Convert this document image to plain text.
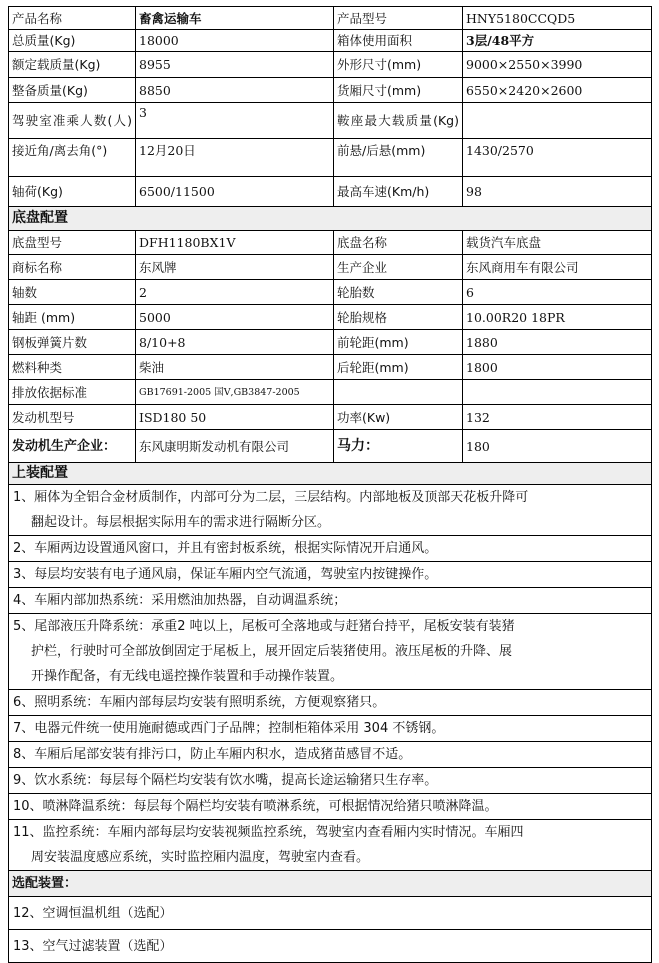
产品名称	畜禽运输车	产品型号	HNY5180CCQD5
总质量(Kg)	18000	箱体使用面积	3层/48平方
额定载质量(Kg)	8955	外形尺寸(mm)	9000×2550×3990
整备质量(Kg)	8850	货厢尺寸(mm)	6550×2420×2600
驾驶室准乘人数(人)	3	鞍座最大载质量(Kg)	
接近角/离去角(°)	12月20日	前悬/后悬(mm)	1430/2570
轴荷(Kg)	6500/11500	最高车速(Km/h)	98
底盘配置			
底盘型号	DFH1180BX1V	底盘名称	载货汽车底盘
商标名称	东风牌	生产企业	东风商用车有限公司
轴数	2	轮胎数	6
轴距 (mm)	5000	轮胎规格	10.00R20 18PR
钢板弹簧片数	8/10+8	前轮距(mm)	1880
燃料种类	柴油	后轮距(mm)	1800
排放依据标准	GB17691-2005 国Ⅴ,GB3847-2005		
发动机型号	ISD180 50	功率(Kw)	132
发动机生产企业：	东风康明斯发动机有限公司	马力：	180
上装配置			

1、厢体为全铝合金材质制作，内部可分为二层，三层结构。内部地板及顶部天花板升降可
翻起设计。每层根据实际用车的需求进行隔断分区。			

2、车厢两边设置通风窗口，并且有密封板系统，根据实际情况开启通风。			
3、每层均安装有电子通风扇，保证车厢内空气流通，驾驶室内按键操作。			
4、车厢内部加热系统：采用燃油加热器，自动调温系统；			

5、尾部液压升降系统：承重2 吨以上，尾板可全落地或与赶猪台持平，尾板安装有装猪
护栏，行驶时可全部放倒固定于尾板上，展开固定后装猪使用。液压尾板的升降、展
开操作配备，有无线电遥控操作装置和手动操作装置。			

6、照明系统：车厢内部每层均安装有照明系统，方便观察猪只。			
7、电器元件统一使用施耐德或西门子品牌；控制柜箱体采用 304 不锈钢。			
8、车厢后尾部安装有排污口，防止车厢内积水，造成猪苗感冒不适。			
9、饮水系统：每层每个隔栏均安装有饮水嘴，提高长途运输猪只生存率。			
10、喷淋降温系统：每层每个隔栏均安装有喷淋系统，可根据情况给猪只喷淋降温。			

11、监控系统：车厢内部每层均安装视频监控系统，驾驶室内查看厢内实时情况。车厢四
周安装温度感应系统，实时监控厢内温度，驾驶室内查看。			

选配装置：			
12、空调恒温机组（选配）			
13、空气过滤装置（选配）			
